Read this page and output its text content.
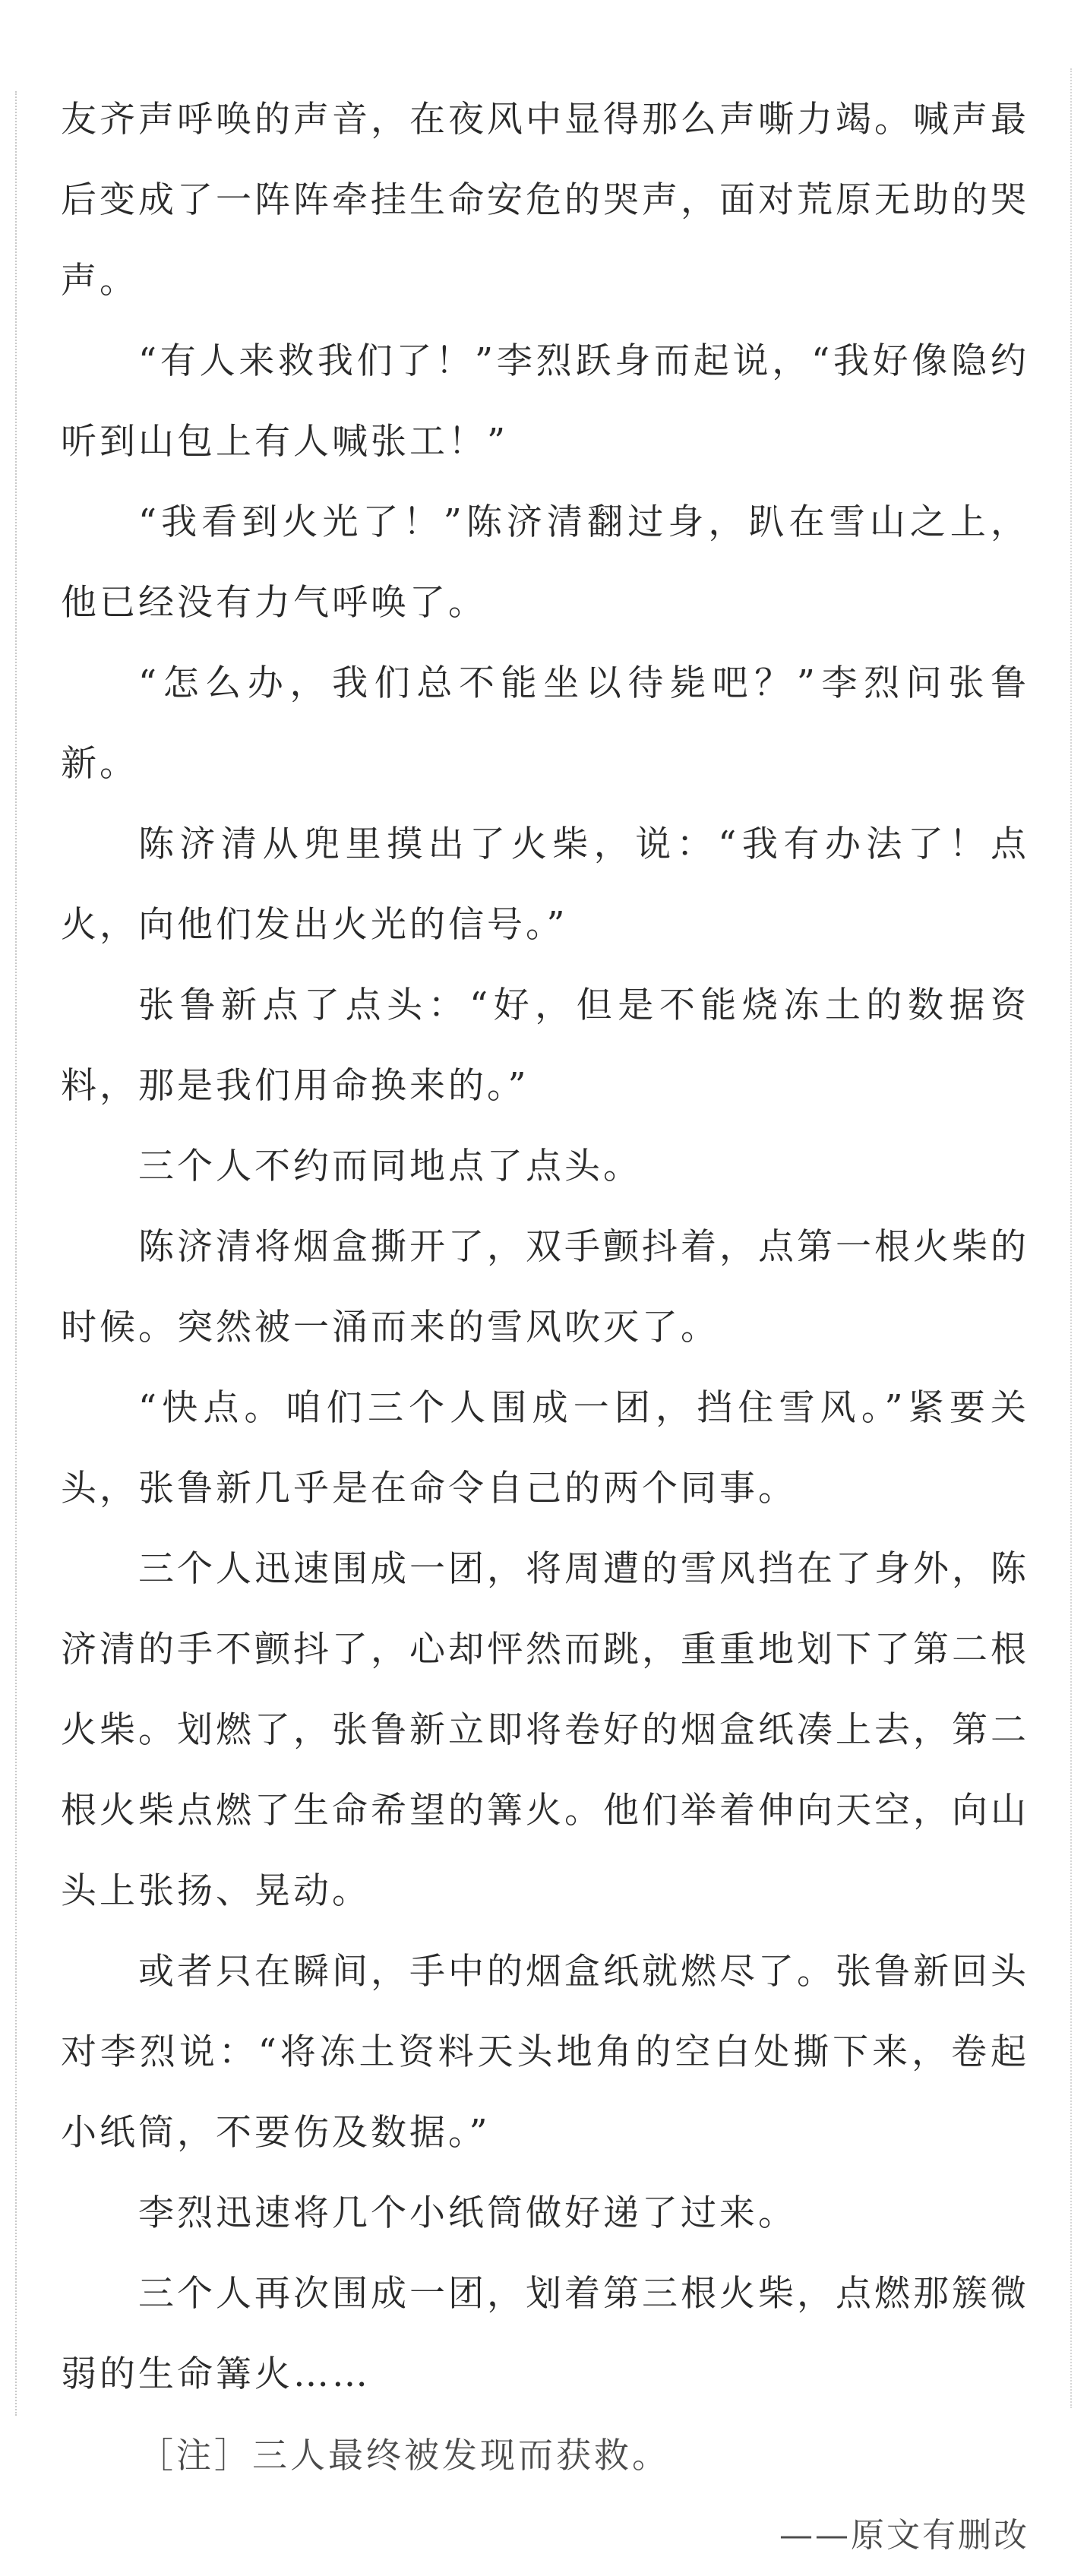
友齐声呼唤的声音，在夜风中显得那么声嘶力竭。喊声最后变成了一阵阵牵挂生命安危的哭声，面对荒原无助的哭声。

“有人来救我们了！”李烈跃身而起说，“我好像隐约听到山包上有人喊张工！”

“我看到火光了！”陈济清翻过身，趴在雪山之上，他已经没有力气呼唤了。

“怎么办，我们总不能坐以待毙吧？”李烈问张鲁新。

陈济清从兜里摸出了火柴，说：“我有办法了！点火，向他们发出火光的信号。”

张鲁新点了点头：“好，但是不能烧冻土的数据资料，那是我们用命换来的。”

三个人不约而同地点了点头。

陈济清将烟盒撕开了，双手颤抖着，点第一根火柴的时候。突然被一涌而来的雪风吹灭了。

“快点。咱们三个人围成一团，挡住雪风。”紧要关头，张鲁新几乎是在命令自己的两个同事。

三个人迅速围成一团，将周遭的雪风挡在了身外，陈济清的手不颤抖了，心却怦然而跳，重重地划下了第二根火柴。划燃了，张鲁新立即将卷好的烟盒纸凑上去，第二根火柴点燃了生命希望的篝火。他们举着伸向天空，向山头上张扬、晃动。

或者只在瞬间，手中的烟盒纸就燃尽了。张鲁新回头对李烈说：“将冻土资料天头地角的空白处撕下来，卷起小纸筒，不要伤及数据。”

李烈迅速将几个小纸筒做好递了过来。

三个人再次围成一团，划着第三根火柴，点燃那簇微弱的生命篝火……

［注］三人最终被发现而获救。

——原文有删改
